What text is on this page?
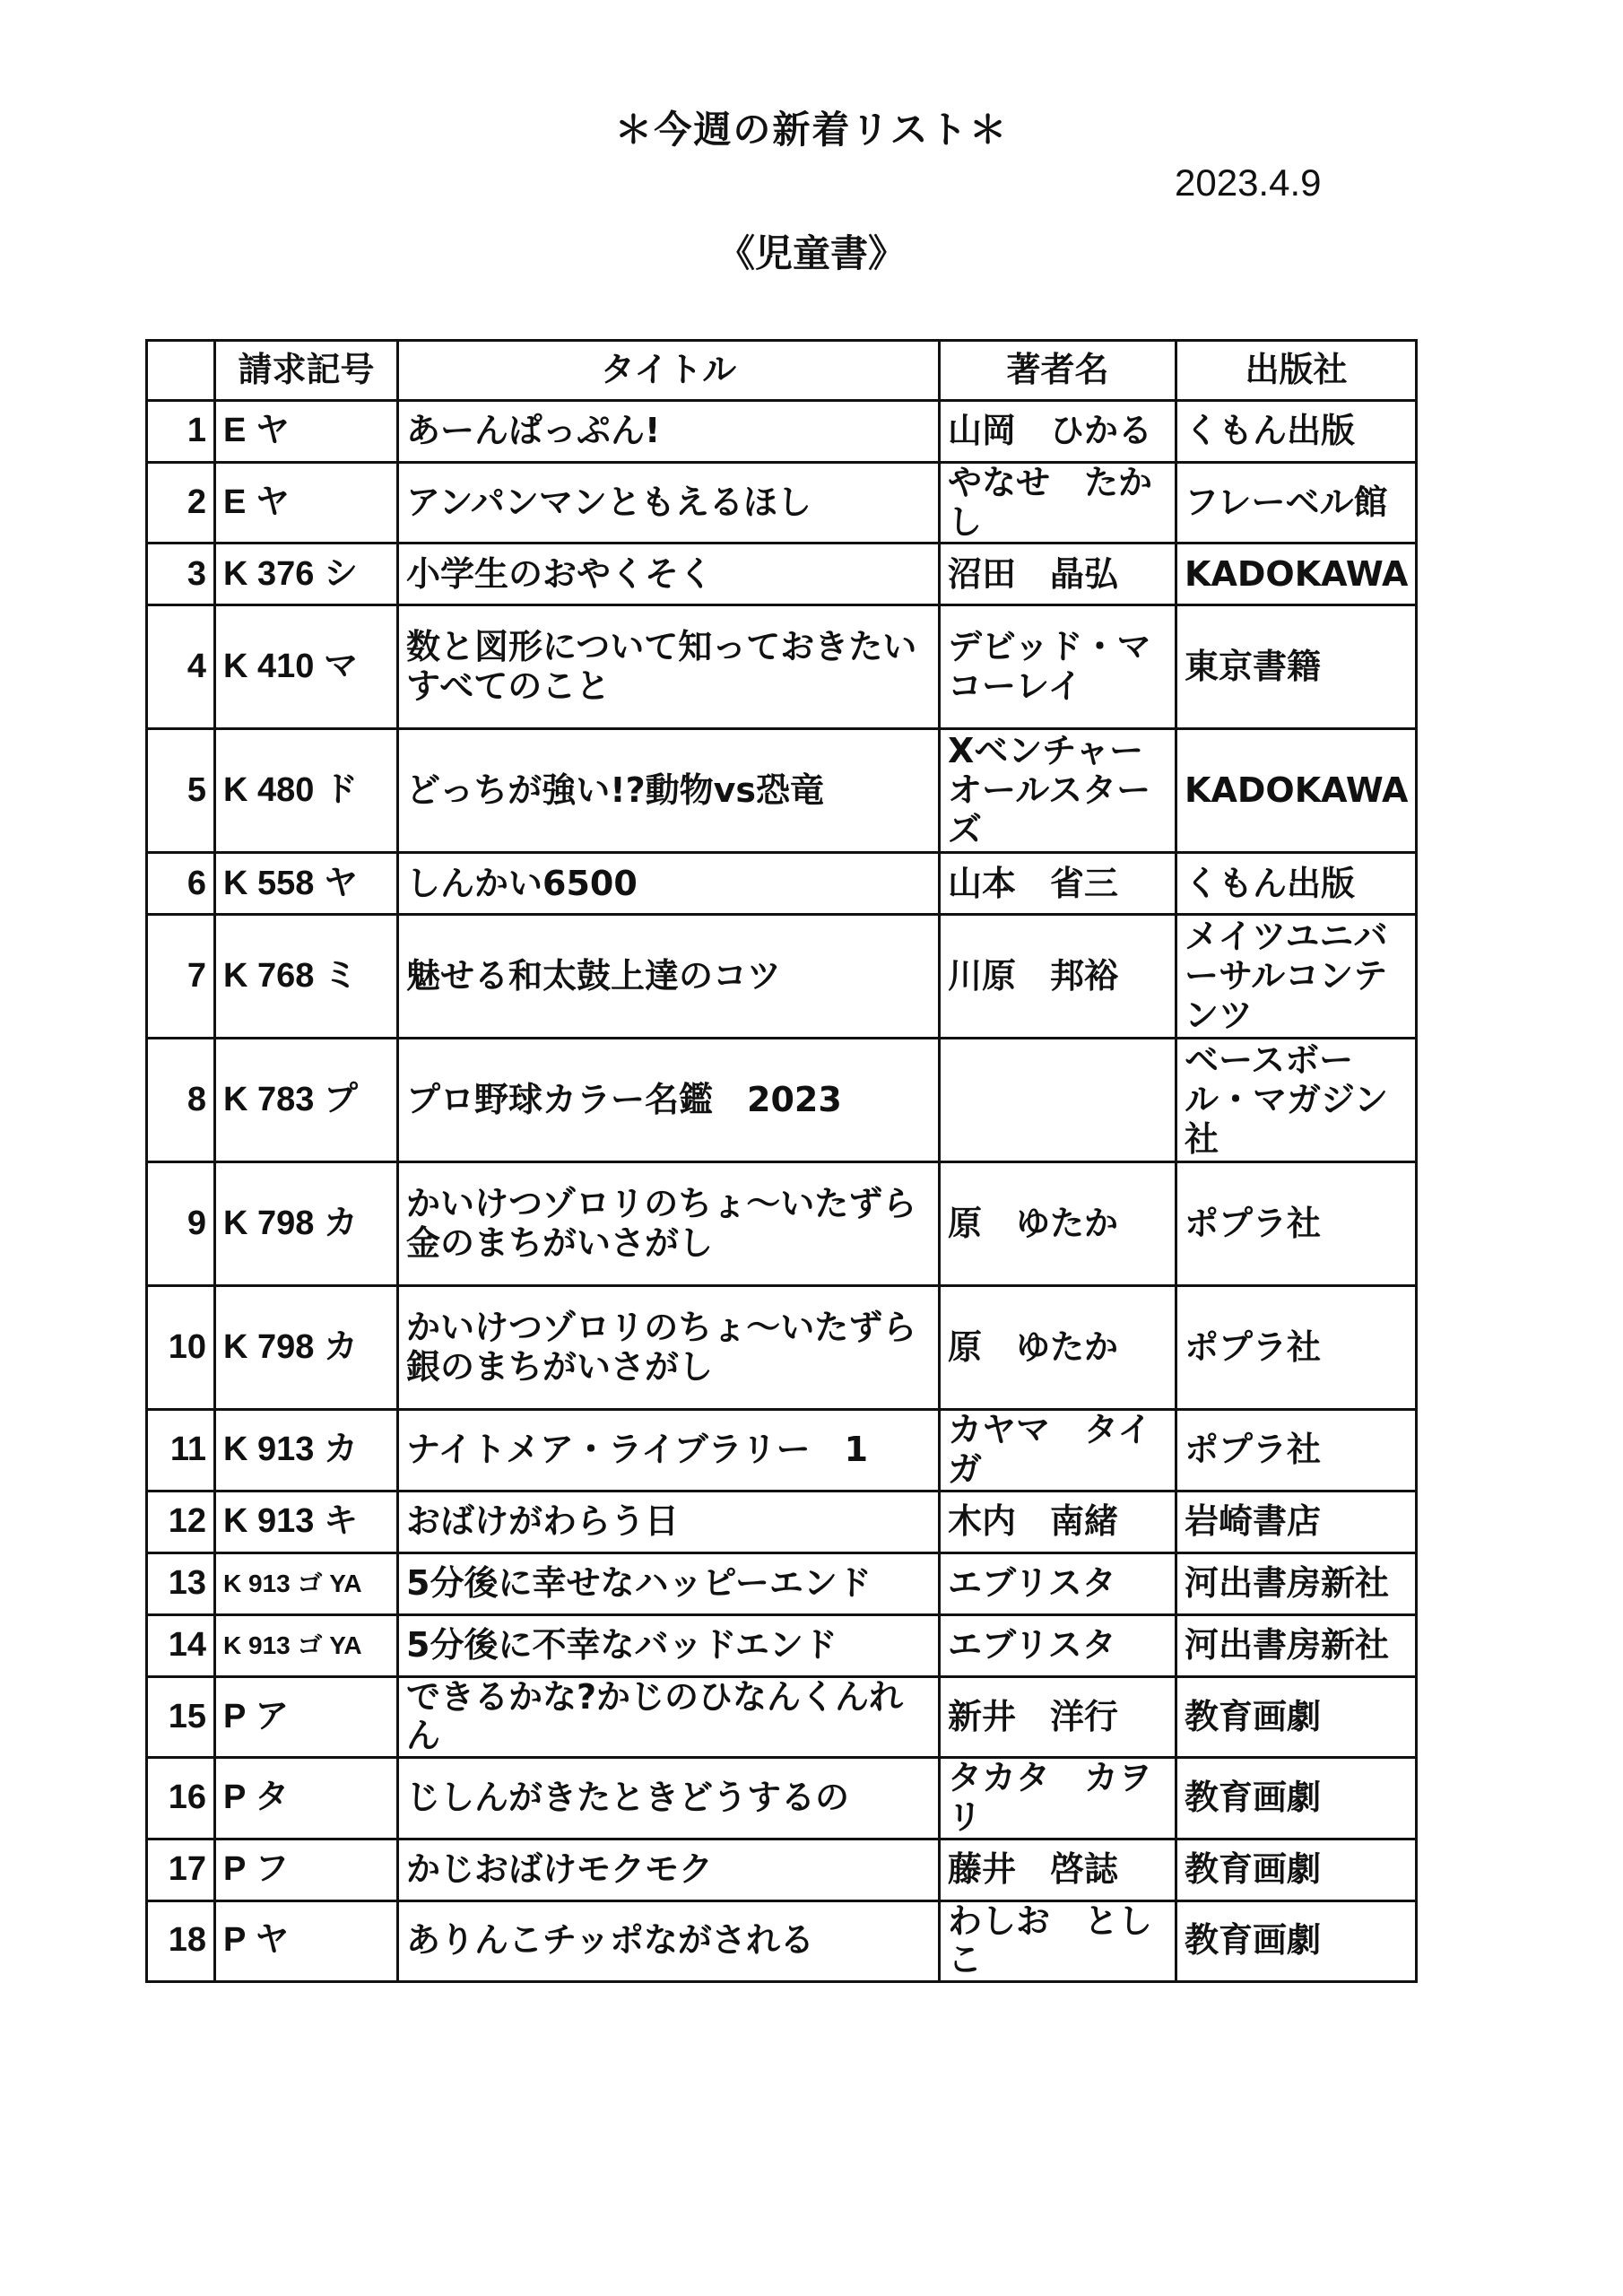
＊今週の新着リスト＊
2023.4.9
《児童書》
	請求記号	タイトル	著者名	出版社
1	E ヤ	あーんぱっぷん!	山岡　ひかる	くもん出版
2	E ヤ	アンパンマンともえるほし	やなせ　たかし	フレーベル館
3	K 376 シ	小学生のおやくそく	沼田　晶弘	KADOKAWA
4	K 410 マ	数と図形について知っておきたいすべてのこと	デビッド・マコーレイ	東京書籍
5	K 480 ド	どっちが強い!?動物vs恐竜	Xベンチャーオールスターズ	KADOKAWA
6	K 558 ヤ	しんかい6500	山本　省三	くもん出版
7	K 768 ミ	魅せる和太鼓上達のコツ	川原　邦裕	メイツユニバーサルコンテンツ
8	K 783 プ	プロ野球カラー名鑑　2023		ベースボール・マガジン社
9	K 798 カ	かいけつゾロリのちょ～いたずら金のまちがいさがし	原　ゆたか	ポプラ社
10	K 798 カ	かいけつゾロリのちょ～いたずら銀のまちがいさがし	原　ゆたか	ポプラ社
11	K 913 カ	ナイトメア・ライブラリー　1	カヤマ　タイガ	ポプラ社
12	K 913 キ	おばけがわらう日	木内　南緒	岩崎書店
13	K 913 ゴ YA	5分後に幸せなハッピーエンド	エブリスタ	河出書房新社
14	K 913 ゴ YA	5分後に不幸なバッドエンド	エブリスタ	河出書房新社
15	P ア	できるかな?かじのひなんくんれん	新井　洋行	教育画劇
16	P タ	じしんがきたときどうするの	タカタ　カヲリ	教育画劇
17	P フ	かじおばけモクモク	藤井　啓誌	教育画劇
18	P ヤ	ありんこチッポながされる	わしお　としこ	教育画劇
